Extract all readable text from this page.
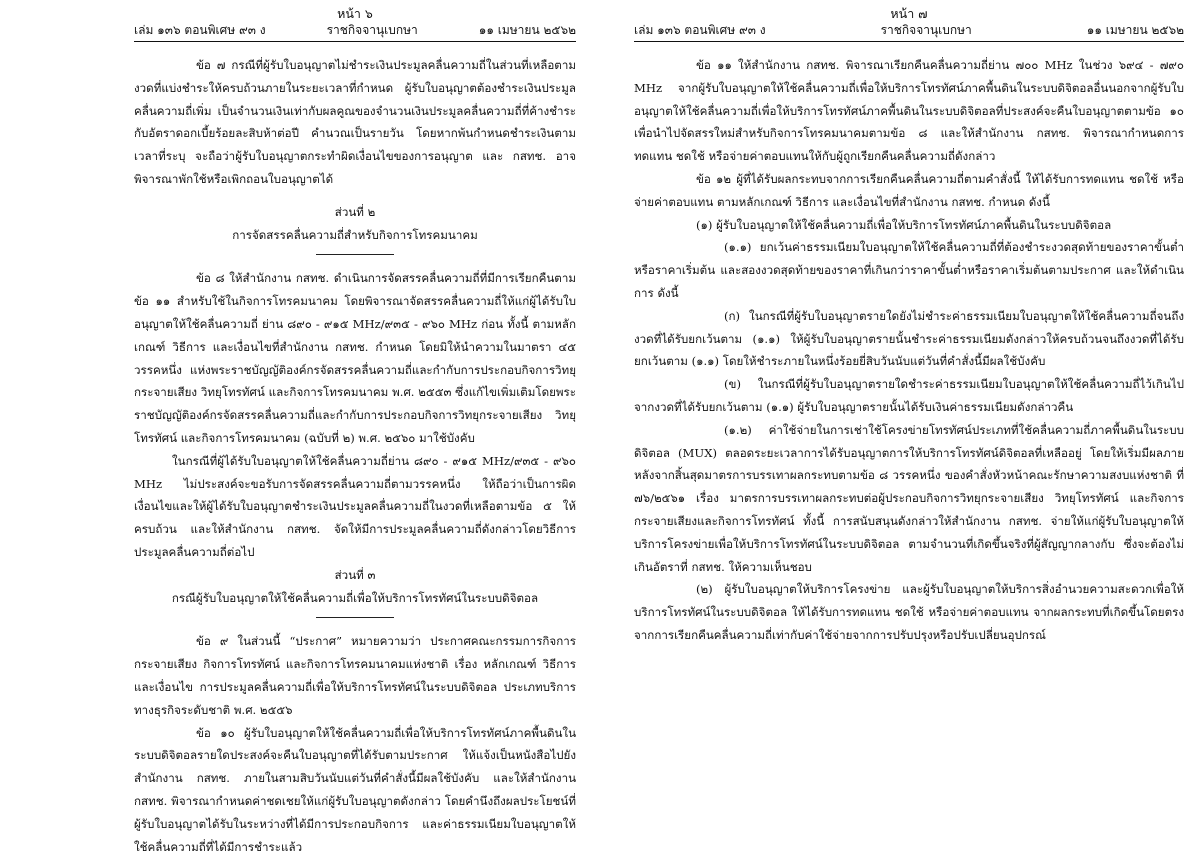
หน้า ๖
เล่ม ๑๓๖ ตอนพิเศษ ๙๓ ง	ราชกิจจานุเบกษา	๑๑ เมษายน ๒๕๖๒

ข้อ ๗ กรณีที่ผู้รับใบอนุญาตไม่ชำระเงินประมูลคลื่นความถี่ในส่วนที่เหลือตามงวดที่แบ่งชำระให้ครบถ้วนภายในระยะเวลาที่กำหนด ผู้รับใบอนุญาตต้องชำระเงินประมูลคลื่นความถี่เพิ่ม เป็นจำนวนเงินเท่ากับผลคูณของจำนวนเงินประมูลคลื่นความถี่ที่ค้างชำระกับอัตราดอกเบี้ยร้อยละสิบห้าต่อปี คำนวณเป็นรายวัน โดยหากพ้นกำหนดชำระเงินตามเวลาที่ระบุ จะถือว่าผู้รับใบอนุญาตกระทำผิดเงื่อนไขของการอนุญาต และ กสทช. อาจพิจารณาพักใช้หรือเพิกถอนใบอนุญาตได้

ส่วนที่ ๒

การจัดสรรคลื่นความถี่สำหรับกิจการโทรคมนาคม

ข้อ ๘ ให้สำนักงาน กสทช. ดำเนินการจัดสรรคลื่นความถี่ที่มีการเรียกคืนตามข้อ ๑๑ สำหรับใช้ในกิจการโทรคมนาคม โดยพิจารณาจัดสรรคลื่นความถี่ให้แก่ผู้ได้รับใบอนุญาตให้ใช้คลื่นความถี่ ย่าน ๘๙๐ - ๙๑๕ MHz/๙๓๕ - ๙๖๐ MHz ก่อน ทั้งนี้ ตามหลักเกณฑ์ วิธีการ และเงื่อนไขที่สำนักงาน กสทช. กำหนด โดยมิให้นำความในมาตรา ๔๕ วรรคหนึ่ง แห่งพระราชบัญญัติองค์กรจัดสรรคลื่นความถี่และกำกับการประกอบกิจการวิทยุกระจายเสียง วิทยุโทรทัศน์ และกิจการโทรคมนาคม พ.ศ. ๒๕๕๓ ซึ่งแก้ไขเพิ่มเติมโดยพระราชบัญญัติองค์กรจัดสรรคลื่นความถี่และกำกับการประกอบกิจการวิทยุกระจายเสียง วิทยุโทรทัศน์ และกิจการโทรคมนาคม (ฉบับที่ ๒) พ.ศ. ๒๕๖๐ มาใช้บังคับ

ในกรณีที่ผู้ได้รับใบอนุญาตให้ใช้คลื่นความถี่ย่าน ๘๙๐ - ๙๑๕ MHz/๙๓๕ - ๙๖๐ MHz ไม่ประสงค์จะขอรับการจัดสรรคลื่นความถี่ตามวรรคหนึ่ง ให้ถือว่าเป็นการผิดเงื่อนไขและให้ผู้ได้รับใบอนุญาตชำระเงินประมูลคลื่นความถี่ในงวดที่เหลือตามข้อ ๕ ให้ครบถ้วน และให้สำนักงาน กสทช. จัดให้มีการประมูลคลื่นความถี่ดังกล่าวโดยวิธีการประมูลคลื่นความถี่ต่อไป

ส่วนที่ ๓

กรณีผู้รับใบอนุญาตให้ใช้คลื่นความถี่เพื่อให้บริการโทรทัศน์ในระบบดิจิตอล

ข้อ ๙ ในส่วนนี้ “ประกาศ” หมายความว่า ประกาศคณะกรรมการกิจการกระจายเสียง กิจการโทรทัศน์ และกิจการโทรคมนาคมแห่งชาติ เรื่อง หลักเกณฑ์ วิธีการ และเงื่อนไข การประมูลคลื่นความถี่เพื่อให้บริการโทรทัศน์ในระบบดิจิตอล ประเภทบริการทางธุรกิจระดับชาติ พ.ศ. ๒๕๕๖

ข้อ ๑๐ ผู้รับใบอนุญาตให้ใช้คลื่นความถี่เพื่อให้บริการโทรทัศน์ภาคพื้นดินในระบบดิจิตอลรายใดประสงค์จะคืนใบอนุญาตที่ได้รับตามประกาศ ให้แจ้งเป็นหนังสือไปยังสำนักงาน กสทช. ภายในสามสิบวันนับแต่วันที่คำสั่งนี้มีผลใช้บังคับ และให้สำนักงาน กสทช. พิจารณากำหนดค่าชดเชยให้แก่ผู้รับใบอนุญาตดังกล่าว โดยคำนึงถึงผลประโยชน์ที่ผู้รับใบอนุญาตได้รับในระหว่างที่ได้มีการประกอบกิจการ และค่าธรรมเนียมใบอนุญาตให้ใช้คลื่นความถี่ที่ได้มีการชำระแล้ว

หน้า ๗
เล่ม ๑๓๖ ตอนพิเศษ ๙๓ ง	ราชกิจจานุเบกษา	๑๑ เมษายน ๒๕๖๒

ข้อ ๑๑ ให้สำนักงาน กสทช. พิจารณาเรียกคืนคลื่นความถี่ย่าน ๗๐๐ MHz ในช่วง ๖๙๔ - ๗๙๐ MHz จากผู้รับใบอนุญาตให้ใช้คลื่นความถี่เพื่อให้บริการโทรทัศน์ภาคพื้นดินในระบบดิจิตอลอื่นนอกจากผู้รับใบอนุญาตให้ใช้คลื่นความถี่เพื่อให้บริการโทรทัศน์ภาคพื้นดินในระบบดิจิตอลที่ประสงค์จะคืนใบอนุญาตตามข้อ ๑๐ เพื่อนำไปจัดสรรใหม่สำหรับกิจการโทรคมนาคมตามข้อ ๘ และให้สำนักงาน กสทช. พิจารณากำหนดการทดแทน ชดใช้ หรือจ่ายค่าตอบแทนให้กับผู้ถูกเรียกคืนคลื่นความถี่ดังกล่าว

ข้อ ๑๒ ผู้ที่ได้รับผลกระทบจากการเรียกคืนคลื่นความถี่ตามคำสั่งนี้ ให้ได้รับการทดแทน ชดใช้ หรือจ่ายค่าตอบแทน ตามหลักเกณฑ์ วิธีการ และเงื่อนไขที่สำนักงาน กสทช. กำหนด ดังนี้

(๑) ผู้รับใบอนุญาตให้ใช้คลื่นความถี่เพื่อให้บริการโทรทัศน์ภาคพื้นดินในระบบดิจิตอล

(๑.๑) ยกเว้นค่าธรรมเนียมใบอนุญาตให้ใช้คลื่นความถี่ที่ต้องชำระงวดสุดท้ายของราคาขั้นต่ำหรือราคาเริ่มต้น และสองงวดสุดท้ายของราคาที่เกินกว่าราคาขั้นต่ำหรือราคาเริ่มต้นตามประกาศ และให้ดำเนินการ ดังนี้

(ก) ในกรณีที่ผู้รับใบอนุญาตรายใดยังไม่ชำระค่าธรรมเนียมใบอนุญาตให้ใช้คลื่นความถี่จนถึงงวดที่ได้รับยกเว้นตาม (๑.๑) ให้ผู้รับใบอนุญาตรายนั้นชำระค่าธรรมเนียมดังกล่าวให้ครบถ้วนจนถึงงวดที่ได้รับยกเว้นตาม (๑.๑) โดยให้ชำระภายในหนึ่งร้อยยี่สิบวันนับแต่วันที่คำสั่งนี้มีผลใช้บังคับ

(ข) ในกรณีที่ผู้รับใบอนุญาตรายใดชำระค่าธรรมเนียมใบอนุญาตให้ใช้คลื่นความถี่ไว้เกินไปจากงวดที่ได้รับยกเว้นตาม (๑.๑) ผู้รับใบอนุญาตรายนั้นได้รับเงินค่าธรรมเนียมดังกล่าวคืน

(๑.๒) ค่าใช้จ่ายในการเช่าใช้โครงข่ายโทรทัศน์ประเภทที่ใช้คลื่นความถี่ภาคพื้นดินในระบบดิจิตอล (MUX) ตลอดระยะเวลาการได้รับอนุญาตการให้บริการโทรทัศน์ดิจิตอลที่เหลืออยู่ โดยให้เริ่มมีผลภายหลังจากสิ้นสุดมาตรการบรรเทาผลกระทบตามข้อ ๘ วรรคหนึ่ง ของคำสั่งหัวหน้าคณะรักษาความสงบแห่งชาติ ที่ ๗๖/๒๕๖๑ เรื่อง มาตรการบรรเทาผลกระทบต่อผู้ประกอบกิจการวิทยุกระจายเสียง วิทยุโทรทัศน์ และกิจการกระจายเสียงและกิจการโทรทัศน์ ทั้งนี้ การสนับสนุนดังกล่าวให้สำนักงาน กสทช. จ่ายให้แก่ผู้รับใบอนุญาตให้บริการโครงข่ายเพื่อให้บริการโทรทัศน์ในระบบดิจิตอล ตามจำนวนที่เกิดขึ้นจริงที่ผู้สัญญากลางกับ ซึ่งจะต้องไม่เกินอัตราที่ กสทช. ให้ความเห็นชอบ

(๒) ผู้รับใบอนุญาตให้บริการโครงข่าย และผู้รับใบอนุญาตให้บริการสิ่งอำนวยความสะดวกเพื่อให้บริการโทรทัศน์ในระบบดิจิตอล ให้ได้รับการทดแทน ชดใช้ หรือจ่ายค่าตอบแทน จากผลกระทบที่เกิดขึ้นโดยตรงจากการเรียกคืนคลื่นความถี่เท่ากับค่าใช้จ่ายจากการปรับปรุงหรือปรับเปลี่ยนอุปกรณ์
